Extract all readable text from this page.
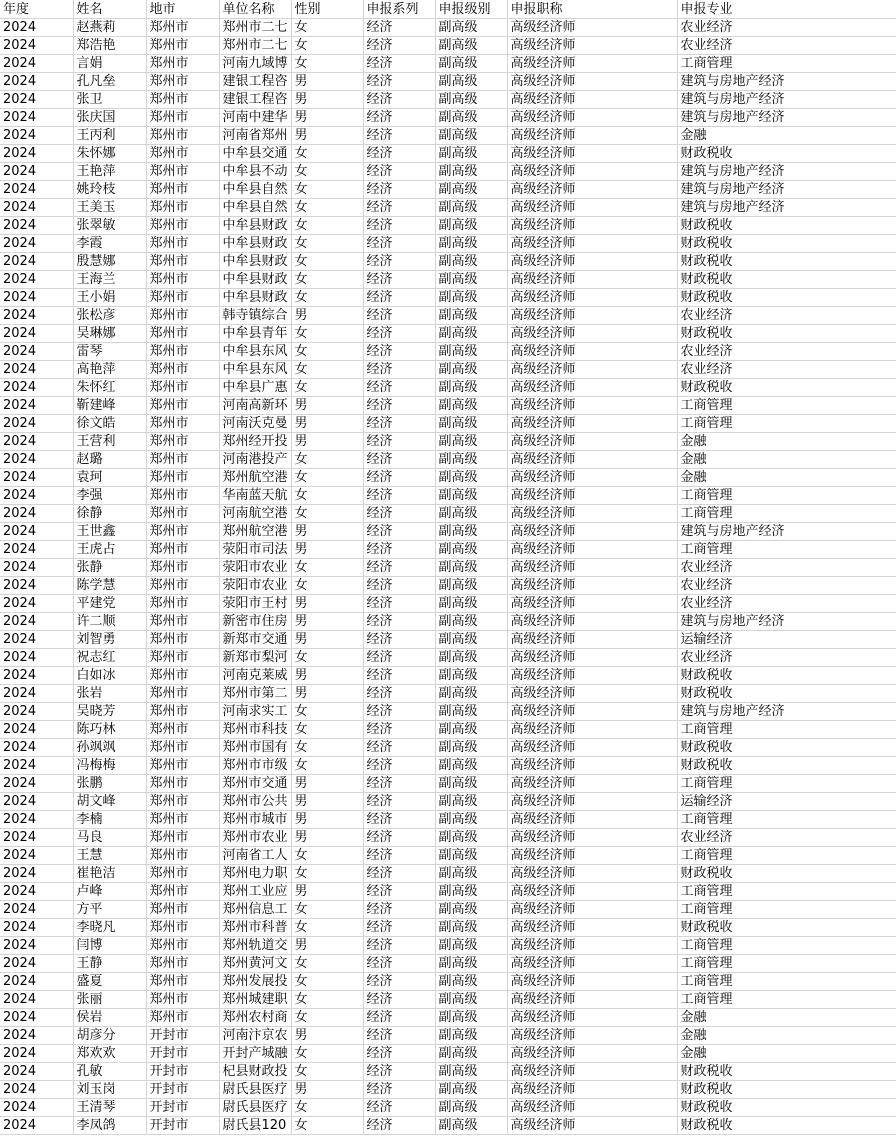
年度	姓名	地市	单位名称	性别	申报系列	申报级别	申报职称	申报专业
2024	赵燕莉	郑州市	郑州市二七	女	经济	副高级	高级经济师	农业经济
2024	郑浩艳	郑州市	郑州市二七	女	经济	副高级	高级经济师	农业经济
2024	言娟	郑州市	河南九域博	女	经济	副高级	高级经济师	工商管理
2024	孔凡垒	郑州市	建银工程咨	男	经济	副高级	高级经济师	建筑与房地产经济
2024	张卫	郑州市	建银工程咨	男	经济	副高级	高级经济师	建筑与房地产经济
2024	张庆国	郑州市	河南中建华	男	经济	副高级	高级经济师	建筑与房地产经济
2024	王丙利	郑州市	河南省郑州	男	经济	副高级	高级经济师	金融
2024	朱怀娜	郑州市	中牟县交通	女	经济	副高级	高级经济师	财政税收
2024	王艳萍	郑州市	中牟县不动	女	经济	副高级	高级经济师	建筑与房地产经济
2024	姚玲枝	郑州市	中牟县自然	女	经济	副高级	高级经济师	建筑与房地产经济
2024	王美玉	郑州市	中牟县自然	女	经济	副高级	高级经济师	建筑与房地产经济
2024	张翠敏	郑州市	中牟县财政	女	经济	副高级	高级经济师	财政税收
2024	李霞	郑州市	中牟县财政	女	经济	副高级	高级经济师	财政税收
2024	殷慧娜	郑州市	中牟县财政	女	经济	副高级	高级经济师	财政税收
2024	王海兰	郑州市	中牟县财政	女	经济	副高级	高级经济师	财政税收
2024	王小娟	郑州市	中牟县财政	女	经济	副高级	高级经济师	财政税收
2024	张松彦	郑州市	韩寺镇综合	男	经济	副高级	高级经济师	农业经济
2024	吴琳娜	郑州市	中牟县青年	女	经济	副高级	高级经济师	财政税收
2024	雷琴	郑州市	中牟县东风	女	经济	副高级	高级经济师	农业经济
2024	高艳萍	郑州市	中牟县东风	女	经济	副高级	高级经济师	农业经济
2024	朱怀红	郑州市	中牟县广惠	女	经济	副高级	高级经济师	财政税收
2024	靳建峰	郑州市	河南高新环	男	经济	副高级	高级经济师	工商管理
2024	徐文皓	郑州市	河南沃克曼	男	经济	副高级	高级经济师	工商管理
2024	王营利	郑州市	郑州经开投	男	经济	副高级	高级经济师	金融
2024	赵璐	郑州市	河南港投产	女	经济	副高级	高级经济师	金融
2024	袁珂	郑州市	郑州航空港	女	经济	副高级	高级经济师	金融
2024	李强	郑州市	华南蓝天航	女	经济	副高级	高级经济师	工商管理
2024	徐静	郑州市	河南航空港	女	经济	副高级	高级经济师	工商管理
2024	王世鑫	郑州市	郑州航空港	男	经济	副高级	高级经济师	建筑与房地产经济
2024	王虎占	郑州市	荥阳市司法	男	经济	副高级	高级经济师	工商管理
2024	张静	郑州市	荥阳市农业	女	经济	副高级	高级经济师	农业经济
2024	陈学慧	郑州市	荥阳市农业	女	经济	副高级	高级经济师	农业经济
2024	平建党	郑州市	荥阳市王村	男	经济	副高级	高级经济师	农业经济
2024	许二顺	郑州市	新密市住房	男	经济	副高级	高级经济师	建筑与房地产经济
2024	刘智勇	郑州市	新郑市交通	男	经济	副高级	高级经济师	运输经济
2024	祝志红	郑州市	新郑市梨河	女	经济	副高级	高级经济师	农业经济
2024	白如冰	郑州市	河南克莱威	男	经济	副高级	高级经济师	财政税收
2024	张岩	郑州市	郑州市第二	男	经济	副高级	高级经济师	财政税收
2024	吴晓芳	郑州市	河南求实工	女	经济	副高级	高级经济师	建筑与房地产经济
2024	陈巧林	郑州市	郑州市科技	女	经济	副高级	高级经济师	工商管理
2024	孙飒飒	郑州市	郑州市国有	女	经济	副高级	高级经济师	财政税收
2024	冯梅梅	郑州市	郑州市市级	女	经济	副高级	高级经济师	财政税收
2024	张鹏	郑州市	郑州市交通	男	经济	副高级	高级经济师	工商管理
2024	胡文峰	郑州市	郑州市公共	男	经济	副高级	高级经济师	运输经济
2024	李楠	郑州市	郑州市城市	男	经济	副高级	高级经济师	工商管理
2024	马良	郑州市	郑州市农业	男	经济	副高级	高级经济师	农业经济
2024	王慧	郑州市	河南省工人	女	经济	副高级	高级经济师	工商管理
2024	崔艳洁	郑州市	郑州电力职	女	经济	副高级	高级经济师	财政税收
2024	卢峰	郑州市	郑州工业应	男	经济	副高级	高级经济师	工商管理
2024	方平	郑州市	郑州信息工	女	经济	副高级	高级经济师	工商管理
2024	李晓凡	郑州市	郑州市科普	女	经济	副高级	高级经济师	财政税收
2024	闫博	郑州市	郑州轨道交	男	经济	副高级	高级经济师	工商管理
2024	王静	郑州市	郑州黄河文	女	经济	副高级	高级经济师	工商管理
2024	盛夏	郑州市	郑州发展投	女	经济	副高级	高级经济师	工商管理
2024	张丽	郑州市	郑州城建职	女	经济	副高级	高级经济师	工商管理
2024	侯岩	郑州市	郑州农村商	女	经济	副高级	高级经济师	金融
2024	胡彦分	开封市	河南汴京农	男	经济	副高级	高级经济师	金融
2024	郑欢欢	开封市	开封产城融	女	经济	副高级	高级经济师	金融
2024	孔敏	开封市	杞县财政投	女	经济	副高级	高级经济师	财政税收
2024	刘玉岗	开封市	尉氏县医疗	男	经济	副高级	高级经济师	财政税收
2024	王清琴	开封市	尉氏县医疗	女	经济	副高级	高级经济师	财政税收
2024	李凤鸽	开封市	尉氏县120	女	经济	副高级	高级经济师	财政税收
